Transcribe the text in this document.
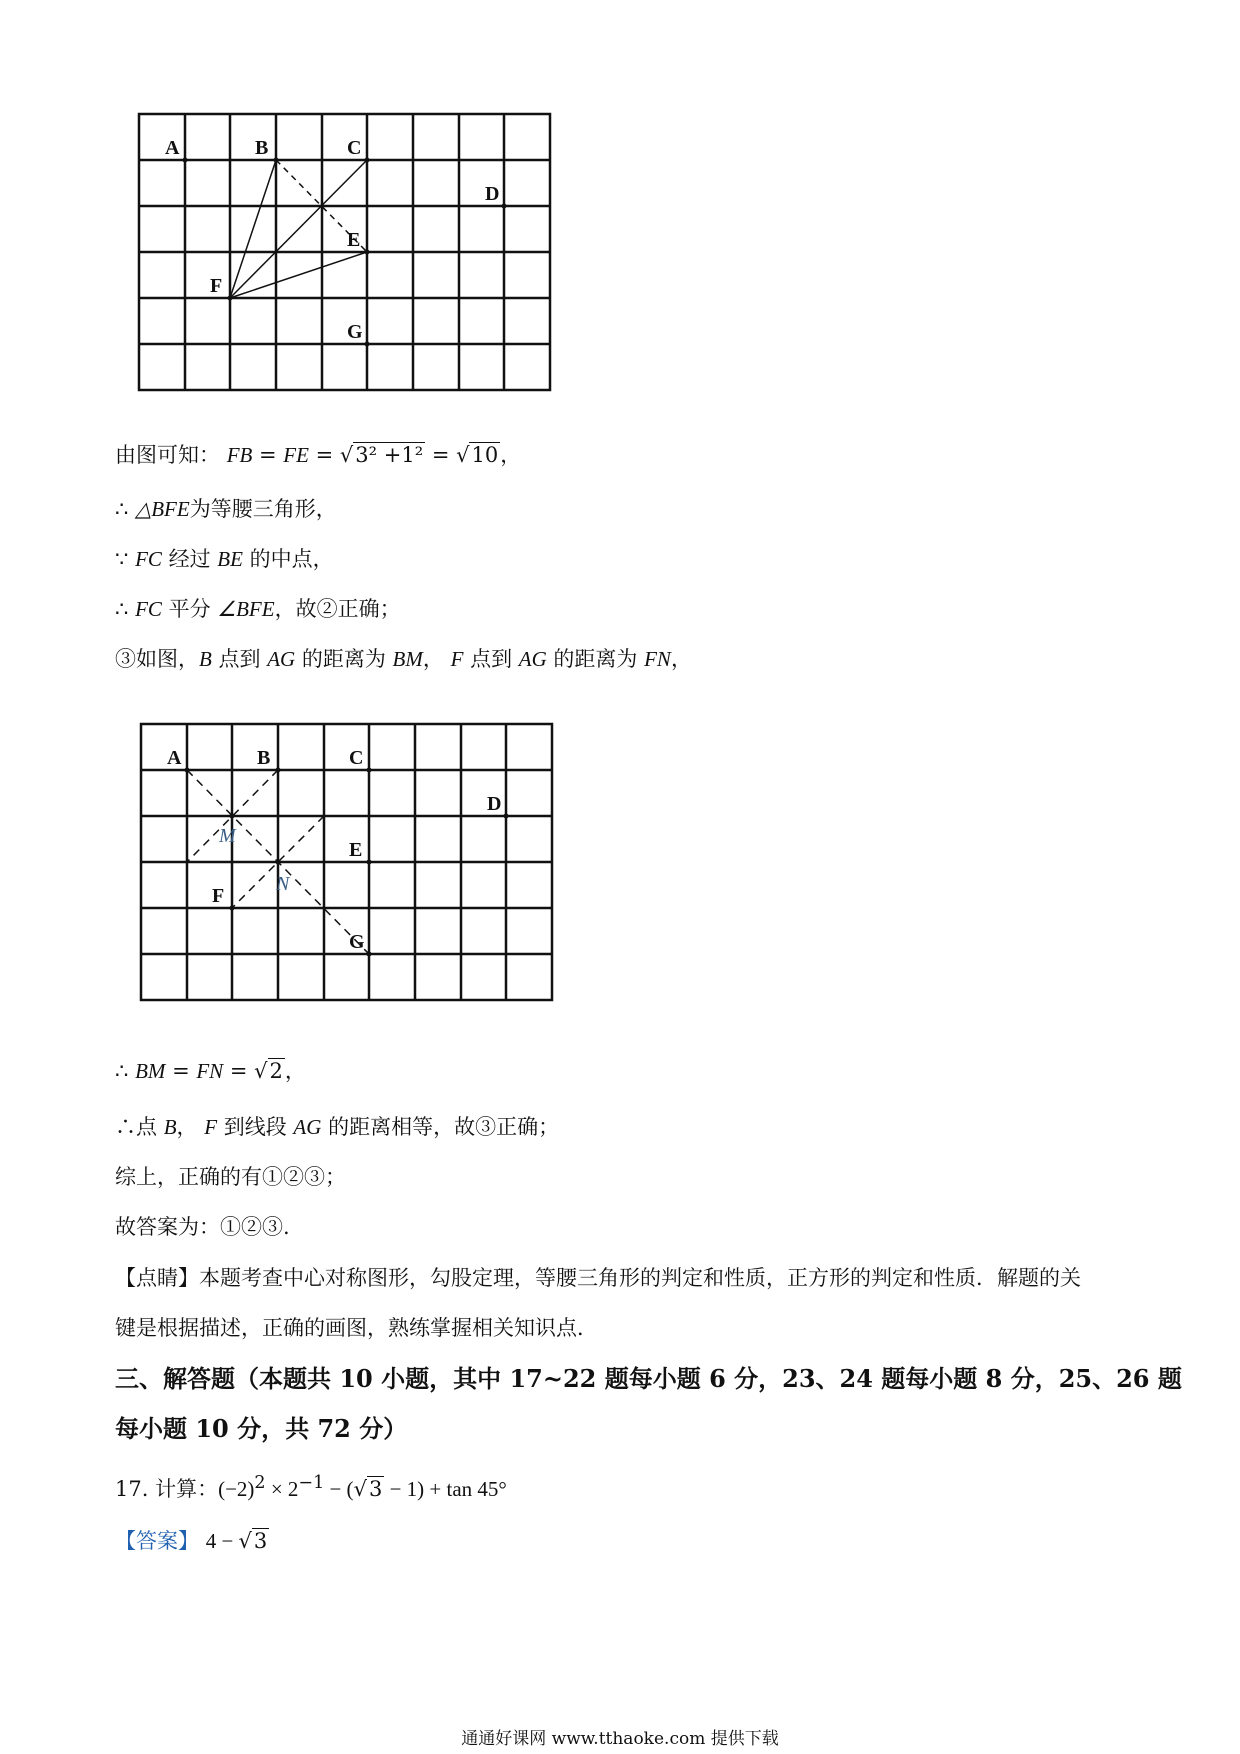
A	B	C
D
E
F
G
由图可知： FB = FE = √3² +1² = √10，
∴ △BFE为等腰三角形，
∵ FC 经过 BE 的中点，
∴ FC 平分 ∠BFE，故②正确；
③如图，B 点到 AG 的距离为 BM， F 点到 AG 的距离为 FN，
A	B	C
D
E
F
G
M
N
∴ BM = FN = √2，
∴点 B， F 到线段 AG 的距离相等，故③正确；
综上，正确的有①②③；
故答案为：①②③.
【点睛】本题考查中心对称图形，勾股定理，等腰三角形的判定和性质，正方形的判定和性质．解题的关
键是根据描述，正确的画图，熟练掌握相关知识点．
三、解答题（本题共 10 小题，其中 17~22 题每小题 6 分，23、24 题每小题 8 分，25、26 题
每小题 10 分，共 72 分）
17. 计算：$(-2)^2 \times 2^{-1} - (√3 - 1) + \tan 45^\circ$
【答案】 4 − √3
通通好课网 www.tthaoke.com 提供下载
